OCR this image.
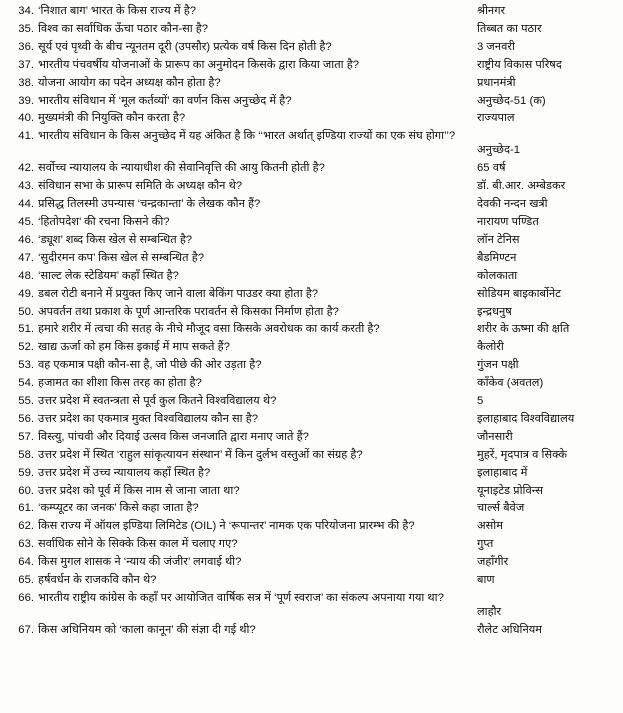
34.	‘निशात बाग’ भारत के किस राज्य में है?	श्रीनगर
35.	विश्व का सर्वाधिक ऊँचा पठार कौन-सा है?	तिब्बत का पठार
36.	सूर्य एवं पृथ्वी के बीच न्यूनतम दूरी (उपसौर) प्रत्येक वर्ष किस दिन होती है?	3 जनवरी
37.	भारतीय पंचवर्षीय योजनाओं के प्रारूप का अनुमोदन किसके द्वारा किया जाता है?	राष्ट्रीय विकास परिषद
38.	योजना आयोग का पदेन अध्यक्ष कौन होता है?	प्रधानमंत्री
39.	भारतीय संविधान में ‘मूल कर्तव्यों’ का वर्णन किस अनुच्छेद में है?	अनुच्छेद-51 (क)
40.	मुख्यमंत्री की नियुक्ति कौन करता है?	राज्यपाल
41.	भारतीय संविधान के किस अनुच्छेद में यह अंकित है कि ‘‘भारत अर्थात् इण्डिया राज्यों का एक संघ होगा’’?	अनुच्छेद-1
42.	सर्वोच्च न्यायालय के न्यायाधीश की सेवानिवृत्ति की आयु कितनी होती है?	65 वर्ष
43.	संविधान सभा के प्रारूप समिति के अध्यक्ष कौन थे?	डॉ. बी.आर. अम्बेडकर
44.	प्रसिद्ध तिलस्मी उपन्यास ‘चन्द्रकान्ता’ के लेखक कौन हैं?	देवकी नन्दन खत्री
45.	‘हितोपदेश’ की रचना किसने की?	नारायण पण्डित
46.	‘ड्यूश’ शब्द किस खेल से सम्बन्धित है?	लॉन टेनिस
47.	‘सुदीरमन कप’ किस खेल से सम्बन्धित है?	बैडमिण्टन
48.	‘साल्ट लेक स्टेडियम’ कहाँ स्थित है?	कोलकाता
49.	डबल रोटी बनाने में प्रयुक्त किए जाने वाला बेकिंग पाउडर क्या होता है?	सोडियम बाइकार्बोनेट
50.	अपवर्तन तथा प्रकाश के पूर्ण आन्तरिक परावर्तन से किसका निर्माण होता है?	इन्द्रधनुष
51.	हमारे शरीर में त्वचा की सतह के नीचे मौजूद वसा किसके अवरोधक का कार्य करती है?	शरीर के ऊष्मा की क्षति
52.	खाद्य ऊर्जा को हम किस इकाई में माप सकते हैं?	कैलोरी
53.	वह एकमात्र पक्षी कौन-सा है, जो पीछे की ओर उड़ता है?	गुंजन पक्षी
54.	हजामत का शीशा किस तरह का होता है?	कॉंकेव (अवतल)
55.	उत्तर प्रदेश में स्वतन्त्रता से पूर्व कुल कितने विश्वविद्यालय थे?	5
56.	उत्तर प्रदेश का एकमात्र मुक्त विश्वविद्यालय कौन सा है?	इलाहाबाद विश्वविद्यालय
57.	विस्त्यु, पांचवी और दियाई उत्सव किस जनजाति द्वारा मनाए जाते हैं?	जौनसारी
58.	उत्तर प्रदेश में स्थित ‘राहुल सांकृत्यायन संस्थान’ में किन दुर्लभ वस्तुओं का संग्रह है?	मुहरें, मृदपात्र व सिक्के
59.	उत्तर प्रदेश में उच्च न्यायालय कहाँ स्थित है?	इलाहाबाद में
60.	उत्तर प्रदेश को पूर्व में किस नाम से जाना जाता था?	यूनाइटेड प्रोविन्स
61.	‘कम्प्यूटर का जनक’ किसे कहा जाता है?	चार्ल्स बैवेज
62.	किस राज्य में ऑयल इण्डिया लिमिटेड (OIL) ने ‘रूपान्तर’ नामक एक परियोजना प्रारम्भ की है?	असोम
63.	सर्वाधिक सोने के सिक्के किस काल में चलाए गए?	गुप्त
64.	किस मुगल शासक ने ‘न्याय की जंजीर’ लगवाई थी?	जहाँगीर
65.	हर्षवर्धन के राजकवि कौन थे?	बाण
66.	भारतीय राष्ट्रीय कांग्रेस के कहाँ पर आयोजित वार्षिक सत्र में ‘पूर्ण स्वराज’ का संकल्प अपनाया गया था?	लाहौर
67.	किस अधिनियम को ‘काला कानून’ की संज्ञा दी गई थी?	रौलेट अधिनियम
